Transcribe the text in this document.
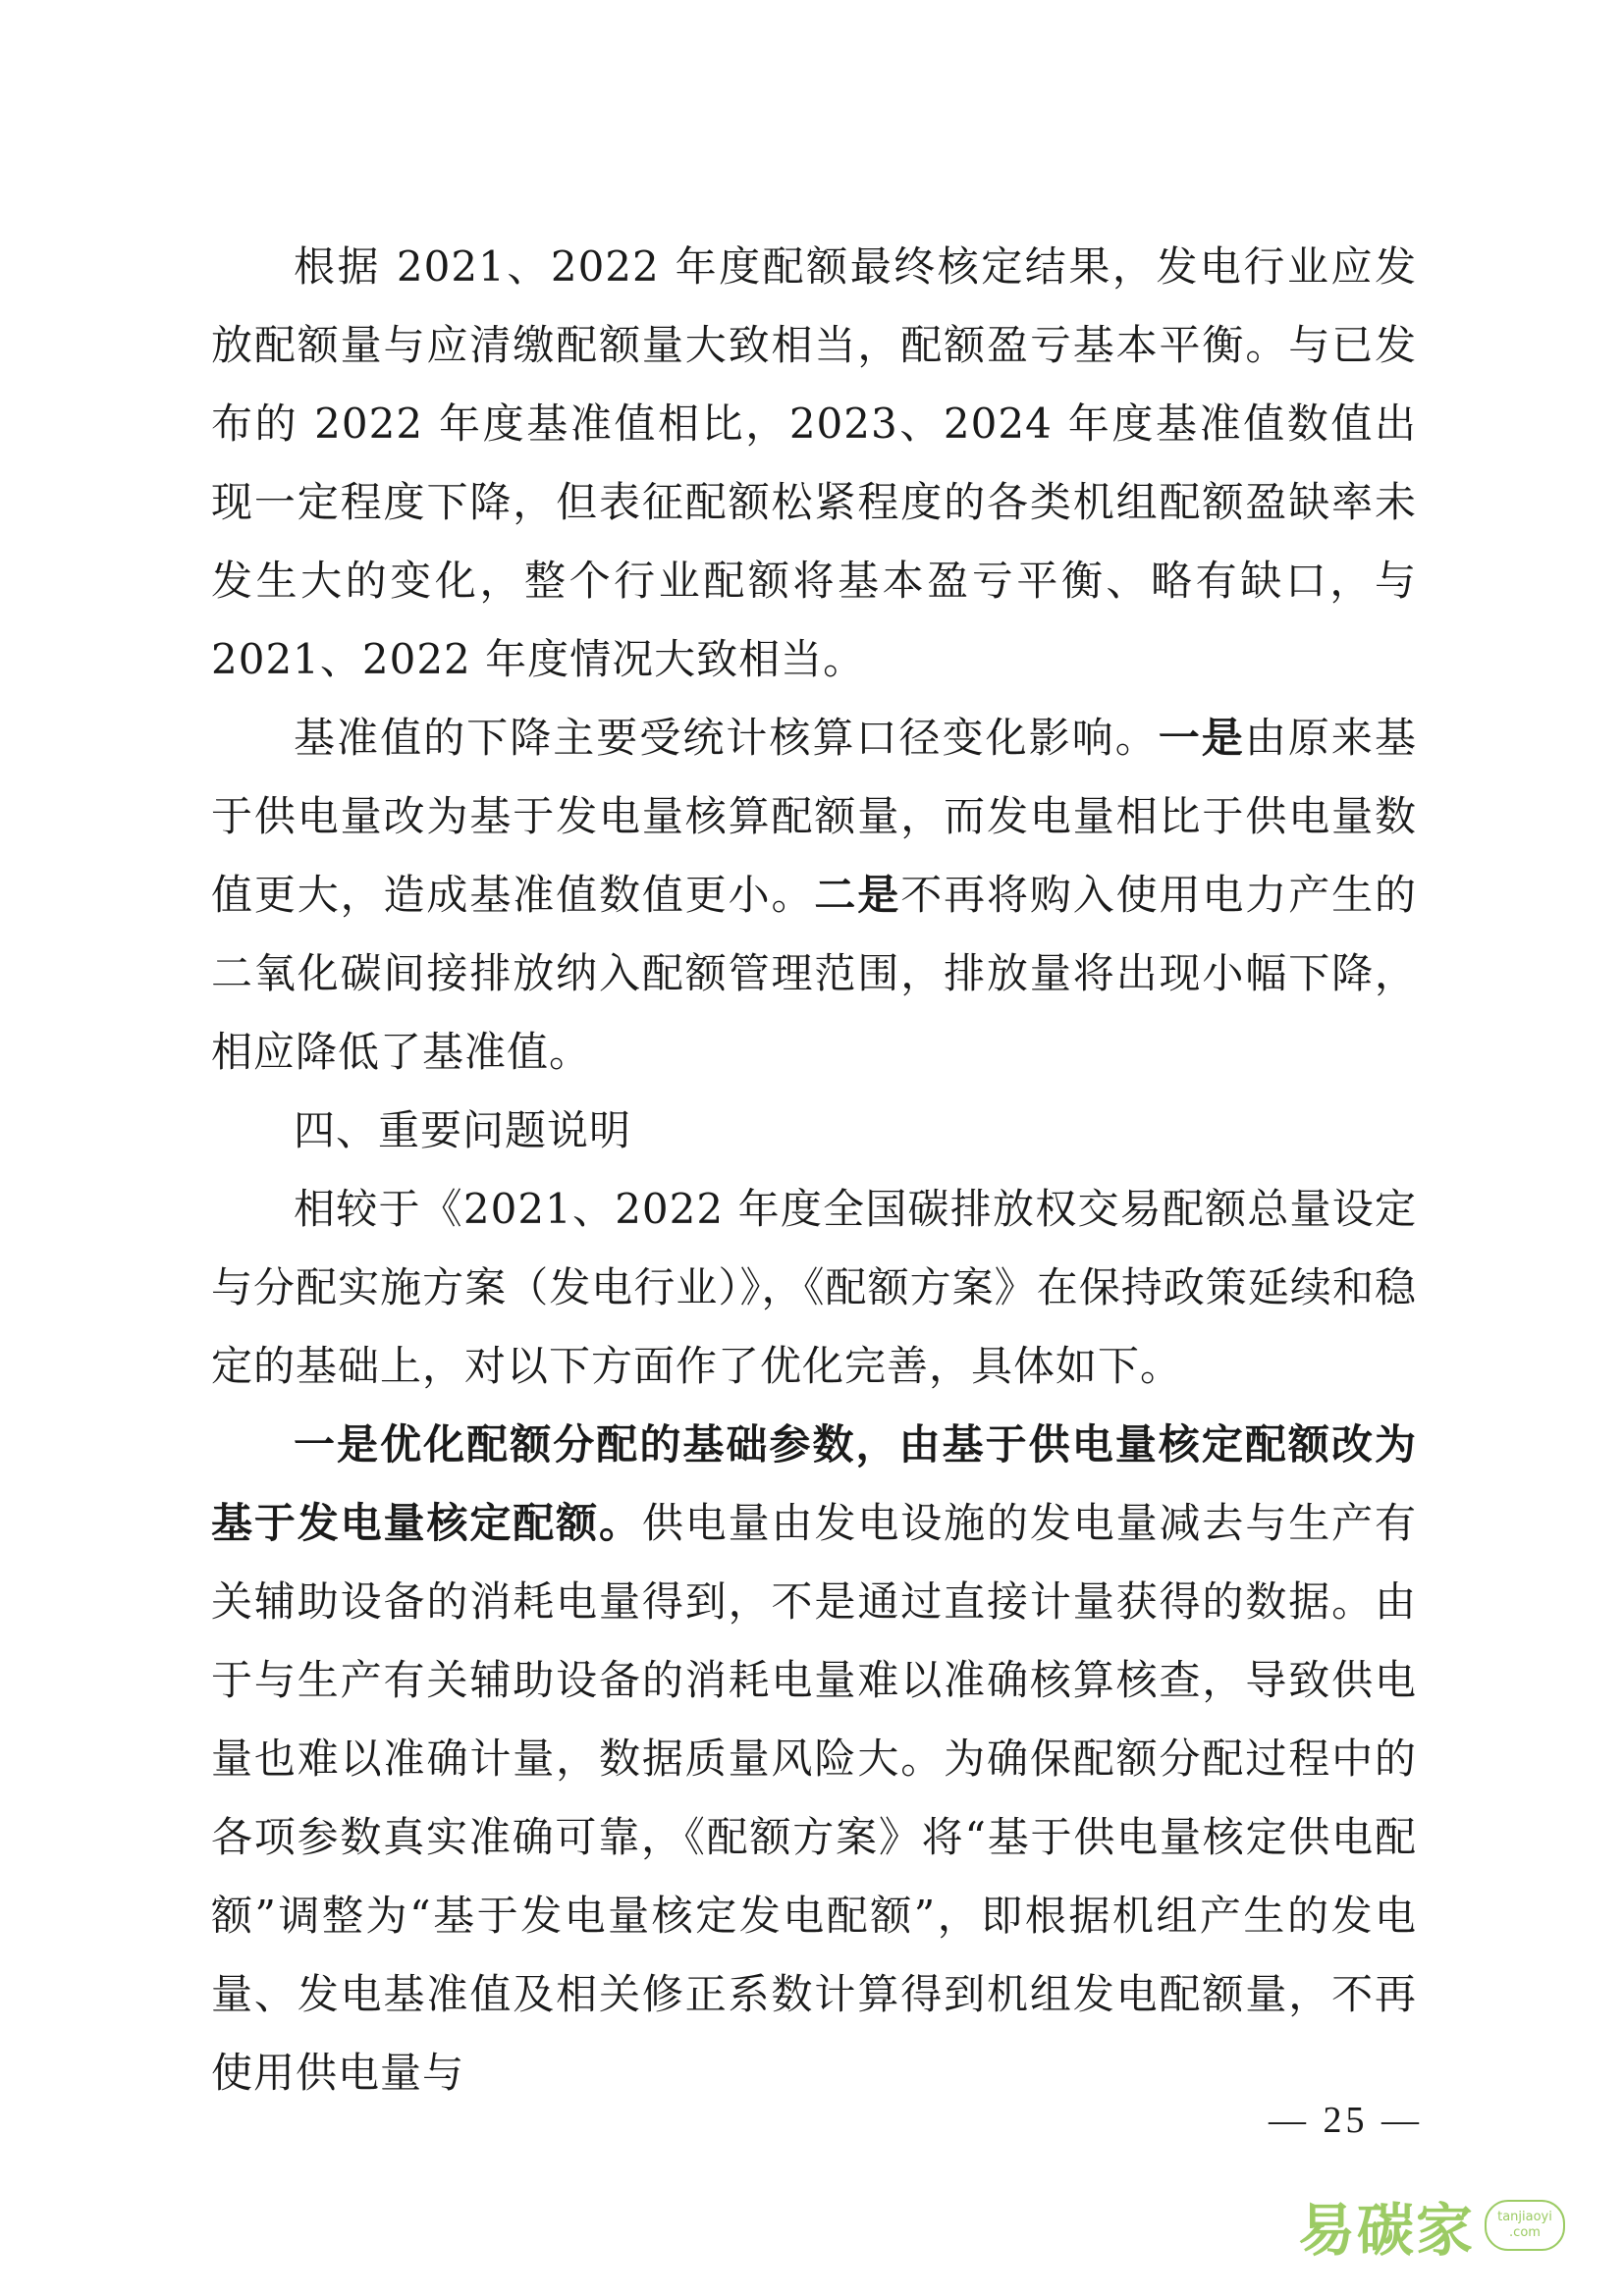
根据 2021、2022 年度配额最终核定结果，发电行业应发放配额量与应清缴配额量大致相当，配额盈亏基本平衡。与已发布的 2022 年度基准值相比，2023、2024 年度基准值数值出现一定程度下降，但表征配额松紧程度的各类机组配额盈缺率未发生大的变化，整个行业配额将基本盈亏平衡、略有缺口，与 2021、2022 年度情况大致相当。

基准值的下降主要受统计核算口径变化影响。一是由原来基于供电量改为基于发电量核算配额量，而发电量相比于供电量数值更大，造成基准值数值更小。二是不再将购入使用电力产生的二氧化碳间接排放纳入配额管理范围，排放量将出现小幅下降，相应降低了基准值。

四、重要问题说明

相较于《2021、2022 年度全国碳排放权交易配额总量设定与分配实施方案（发电行业）》，《配额方案》在保持政策延续和稳定的基础上，对以下方面作了优化完善，具体如下。

一是优化配额分配的基础参数，由基于供电量核定配额改为基于发电量核定配额。供电量由发电设施的发电量减去与生产有关辅助设备的消耗电量得到，不是通过直接计量获得的数据。由于与生产有关辅助设备的消耗电量难以准确核算核查，导致供电量也难以准确计量，数据质量风险大。为确保配额分配过程中的各项参数真实准确可靠，《配额方案》将“基于供电量核定供电配额”调整为“基于发电量核定发电配额”，即根据机组产生的发电量、发电基准值及相关修正系数计算得到机组发电配额量，不再使用供电量与

— 25 —
易碳家 tanjiaoyi
.com
